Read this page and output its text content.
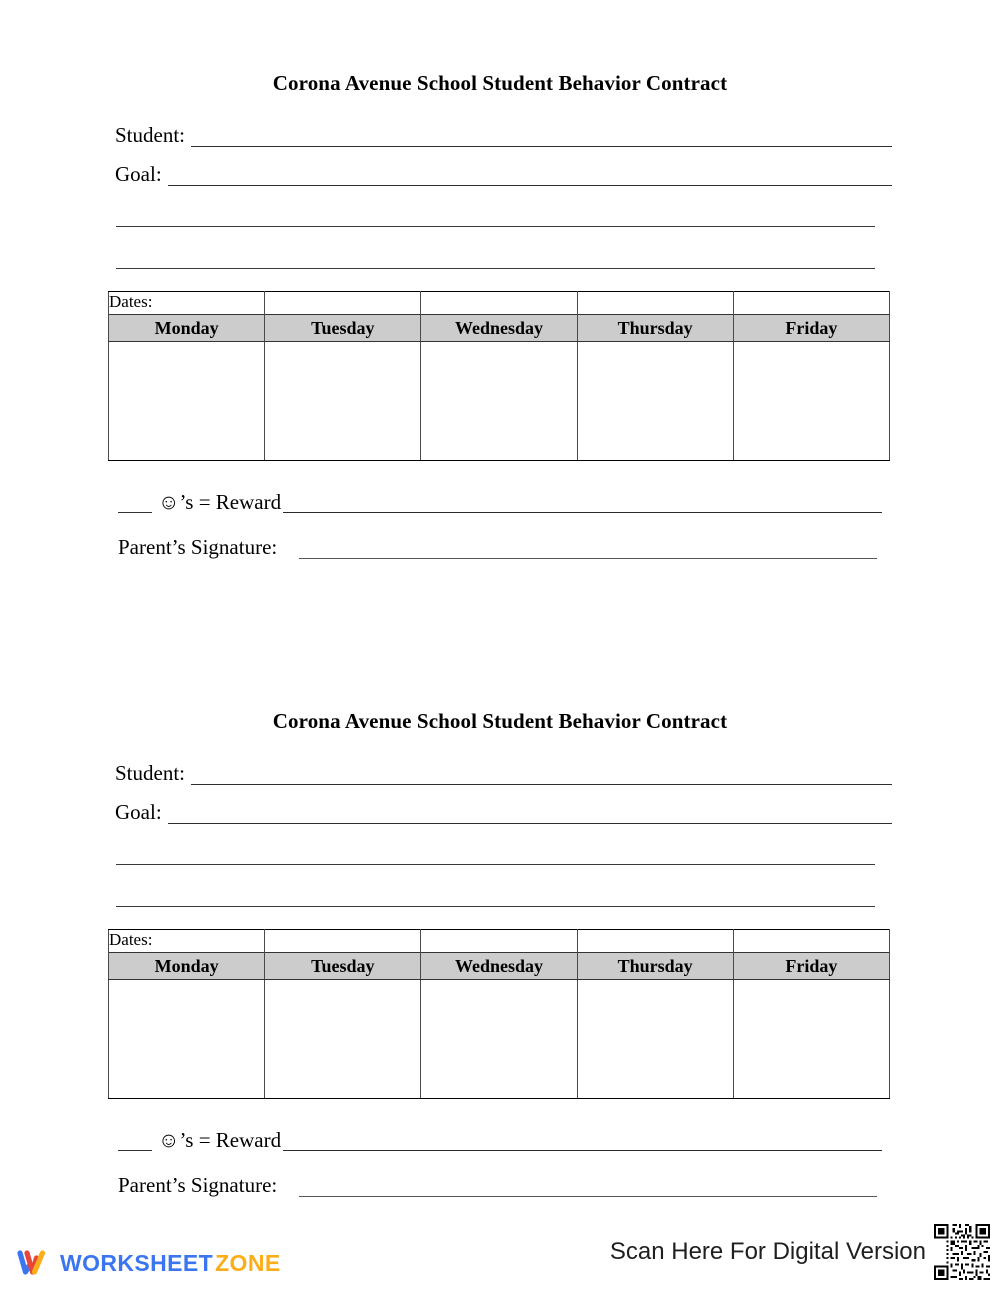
Corona Avenue School Student Behavior Contract
Student:
Goal:
Dates:				
Monday	Tuesday	Wednesday	Thursday	Friday

☺’s = Reward
Parent’s Signature:
Corona Avenue School Student Behavior Contract
Student:
Goal:
Dates:				
Monday	Tuesday	Wednesday	Thursday	Friday

☺’s = Reward
Parent’s Signature:
WORKSHEETZONE	Scan Here For Digital Version
